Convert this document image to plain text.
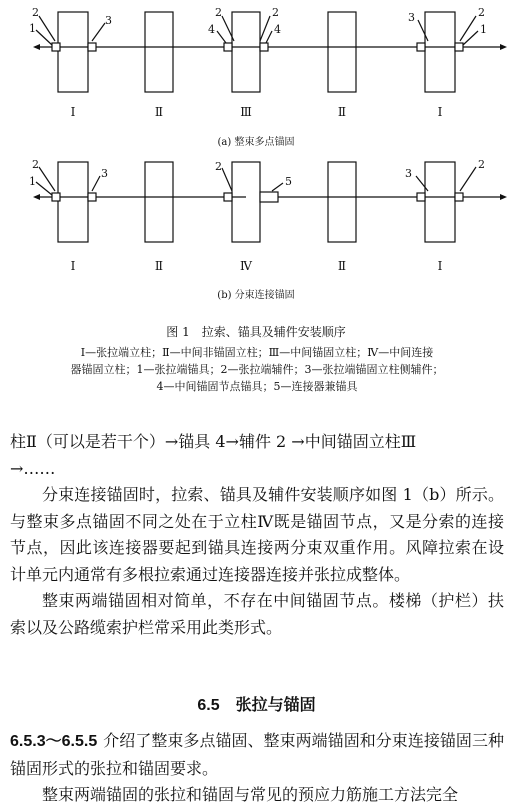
2
1
3
2
4
2
4
3	2
1
Ⅰ	Ⅱ	Ⅲ	Ⅱ	Ⅰ
(a) 整束多点锚固
2
1
3
2
5
3
2
Ⅰ	Ⅱ	Ⅳ	Ⅱ	Ⅰ
(b) 分束连接锚固
图 1　拉索、锚具及辅件安装顺序
Ⅰ—张拉端立柱；Ⅱ—中间非锚固立柱；Ⅲ—中间锚固立柱；Ⅳ—中间连接
器锚固立柱；1—张拉端锚具；2—张拉端辅件；3—张拉端锚固立柱侧辅件；
4—中间锚固节点锚具；5—连接器兼锚具

柱Ⅱ（可以是若干个）→锚具 4→辅件 2 →中间锚固立柱Ⅲ

→……

分束连接锚固时，拉索、锚具及辅件安装顺序如图 1（b）所示。与整束多点锚固不同之处在于立柱Ⅳ既是锚固节点，又是分索的连接节点，因此该连接器要起到锚具连接两分束双重作用。风障拉索在设计单元内通常有多根拉索通过连接器连接并张拉成整体。

整束两端锚固相对简单，不存在中间锚固节点。楼梯（护栏）扶索以及公路缆索护栏常采用此类形式。

6.5 张拉与锚固

6.5.3～6.5.5 介绍了整束多点锚固、整束两端锚固和分束连接锚固三种锚固形式的张拉和锚固要求。

整束两端锚固的张拉和锚固与常见的预应力筋施工方法完全
